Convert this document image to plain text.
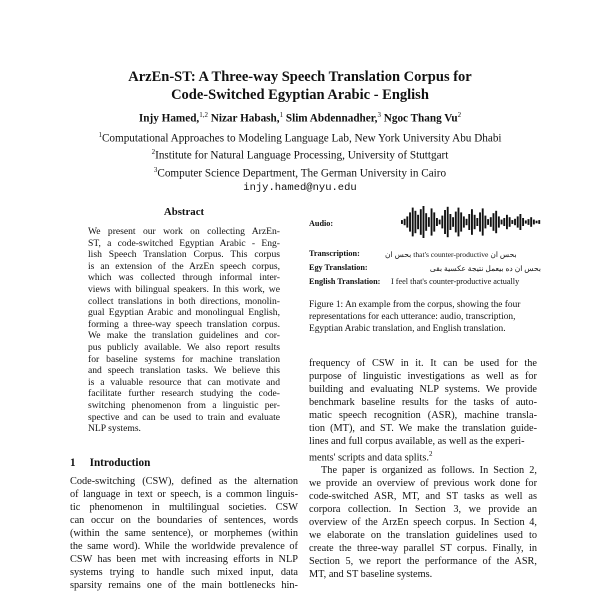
ArzEn-ST: A Three-way Speech Translation Corpus for
Code-Switched Egyptian Arabic - English
Injy Hamed,$^{1,2}$ Nizar Habash,$^1$ Slim Abdennadher,$^3$ Ngoc Thang Vu$^2$
$^1$Computational Approaches to Modeling Language Lab, New York University Abu Dhabi
$^2$Institute for Natural Language Processing, University of Stuttgart
$^3$Computer Science Department, The German University in Cairo
injy.hamed@nyu.edu
Abstract
We present our work on collecting ArzEn-
ST, a code-switched Egyptian Arabic - Eng-
lish Speech Translation Corpus. This corpus
is an extension of the ArzEn speech corpus,
which was collected through informal inter-
views with bilingual speakers. In this work, we
collect translations in both directions, monolin-
gual Egyptian Arabic and monolingual English,
forming a three-way speech translation corpus.
We make the translation guidelines and cor-
pus publicly available. We also report results
for baseline systems for machine translation
and speech translation tasks. We believe this
is a valuable resource that can motivate and
facilitate further research studying the code-
switching phenomenon from a linguistic per-
spective and can be used to train and evaluate
NLP systems.
1 Introduction
Code-switching (CSW), defined as the alternation
of language in text or speech, is a common linguis-
tic phenomenon in multilingual societies. CSW
can occur on the boundaries of sentences, words
(within the same sentence), or morphemes (within
the same word). While the worldwide prevalence of
CSW has been met with increasing efforts in NLP
systems trying to handle such mixed input, data
sparsity remains one of the main bottlenecks hin-
Audio:
Transcription:	بحس ان that's counter-productive بحس ان
Egy Translation:	بحس ان ده بيعمل نتيجة عكسية بقى
English Translation: I feel that's counter-productive actually
Figure 1: An example from the corpus, showing the four
representations for each utterance: audio, transcription,
Egyptian Arabic translation, and English translation.
frequency of CSW in it. It can be used for the
purpose of linguistic investigations as well as for
building and evaluating NLP systems. We provide
benchmark baseline results for the tasks of auto-
matic speech recognition (ASR), machine transla-
tion (MT), and ST. We make the translation guide-
lines and full corpus available, as well as the experi-
ments' scripts and data splits.$^2$
The paper is organized as follows. In Section 2,
we provide an overview of previous work done for
code-switched ASR, MT, and ST tasks as well as
corpora collection. In Section 3, we provide an
overview of the ArzEn speech corpus. In Section 4,
we elaborate on the translation guidelines used to
create the three-way parallel ST corpus. Finally, in
Section 5, we report the performance of the ASR,
MT, and ST baseline systems.
